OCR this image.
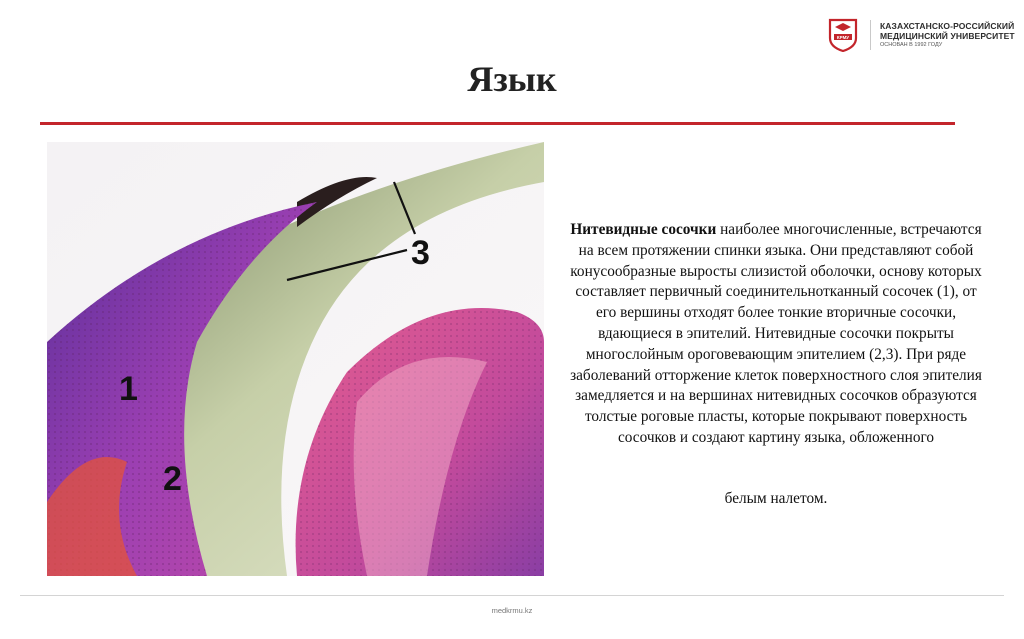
КРМУ
КАЗАХСТАНСКО-РОССИЙСКИЙ
МЕДИЦИНСКИЙ УНИВЕРСИТЕТ
ОСНОВАН В 1992 ГОДУ
Язык
1
2
3
Нитевидные сосочки наиболее многочисленные, встречаются на всем протяжении спинки языка. Они представляют собой конусообразные выросты слизистой оболочки, основу которых составляет первичный соединительнотканный сосочек (1), от его вершины отходят более тонкие вторичные сосочки, вдающиеся в эпителий. Нитевидные сосочки покрыты многослойным ороговевающим эпителием (2,3). При ряде заболеваний отторжение клеток поверхностного слоя эпителия замедляется и на вершинах нитевидных сосочков образуются толстые роговые пласты, которые покрывают поверхность сосочков и создают картину языка, обложенного
белым налетом.
medkrmu.kz
